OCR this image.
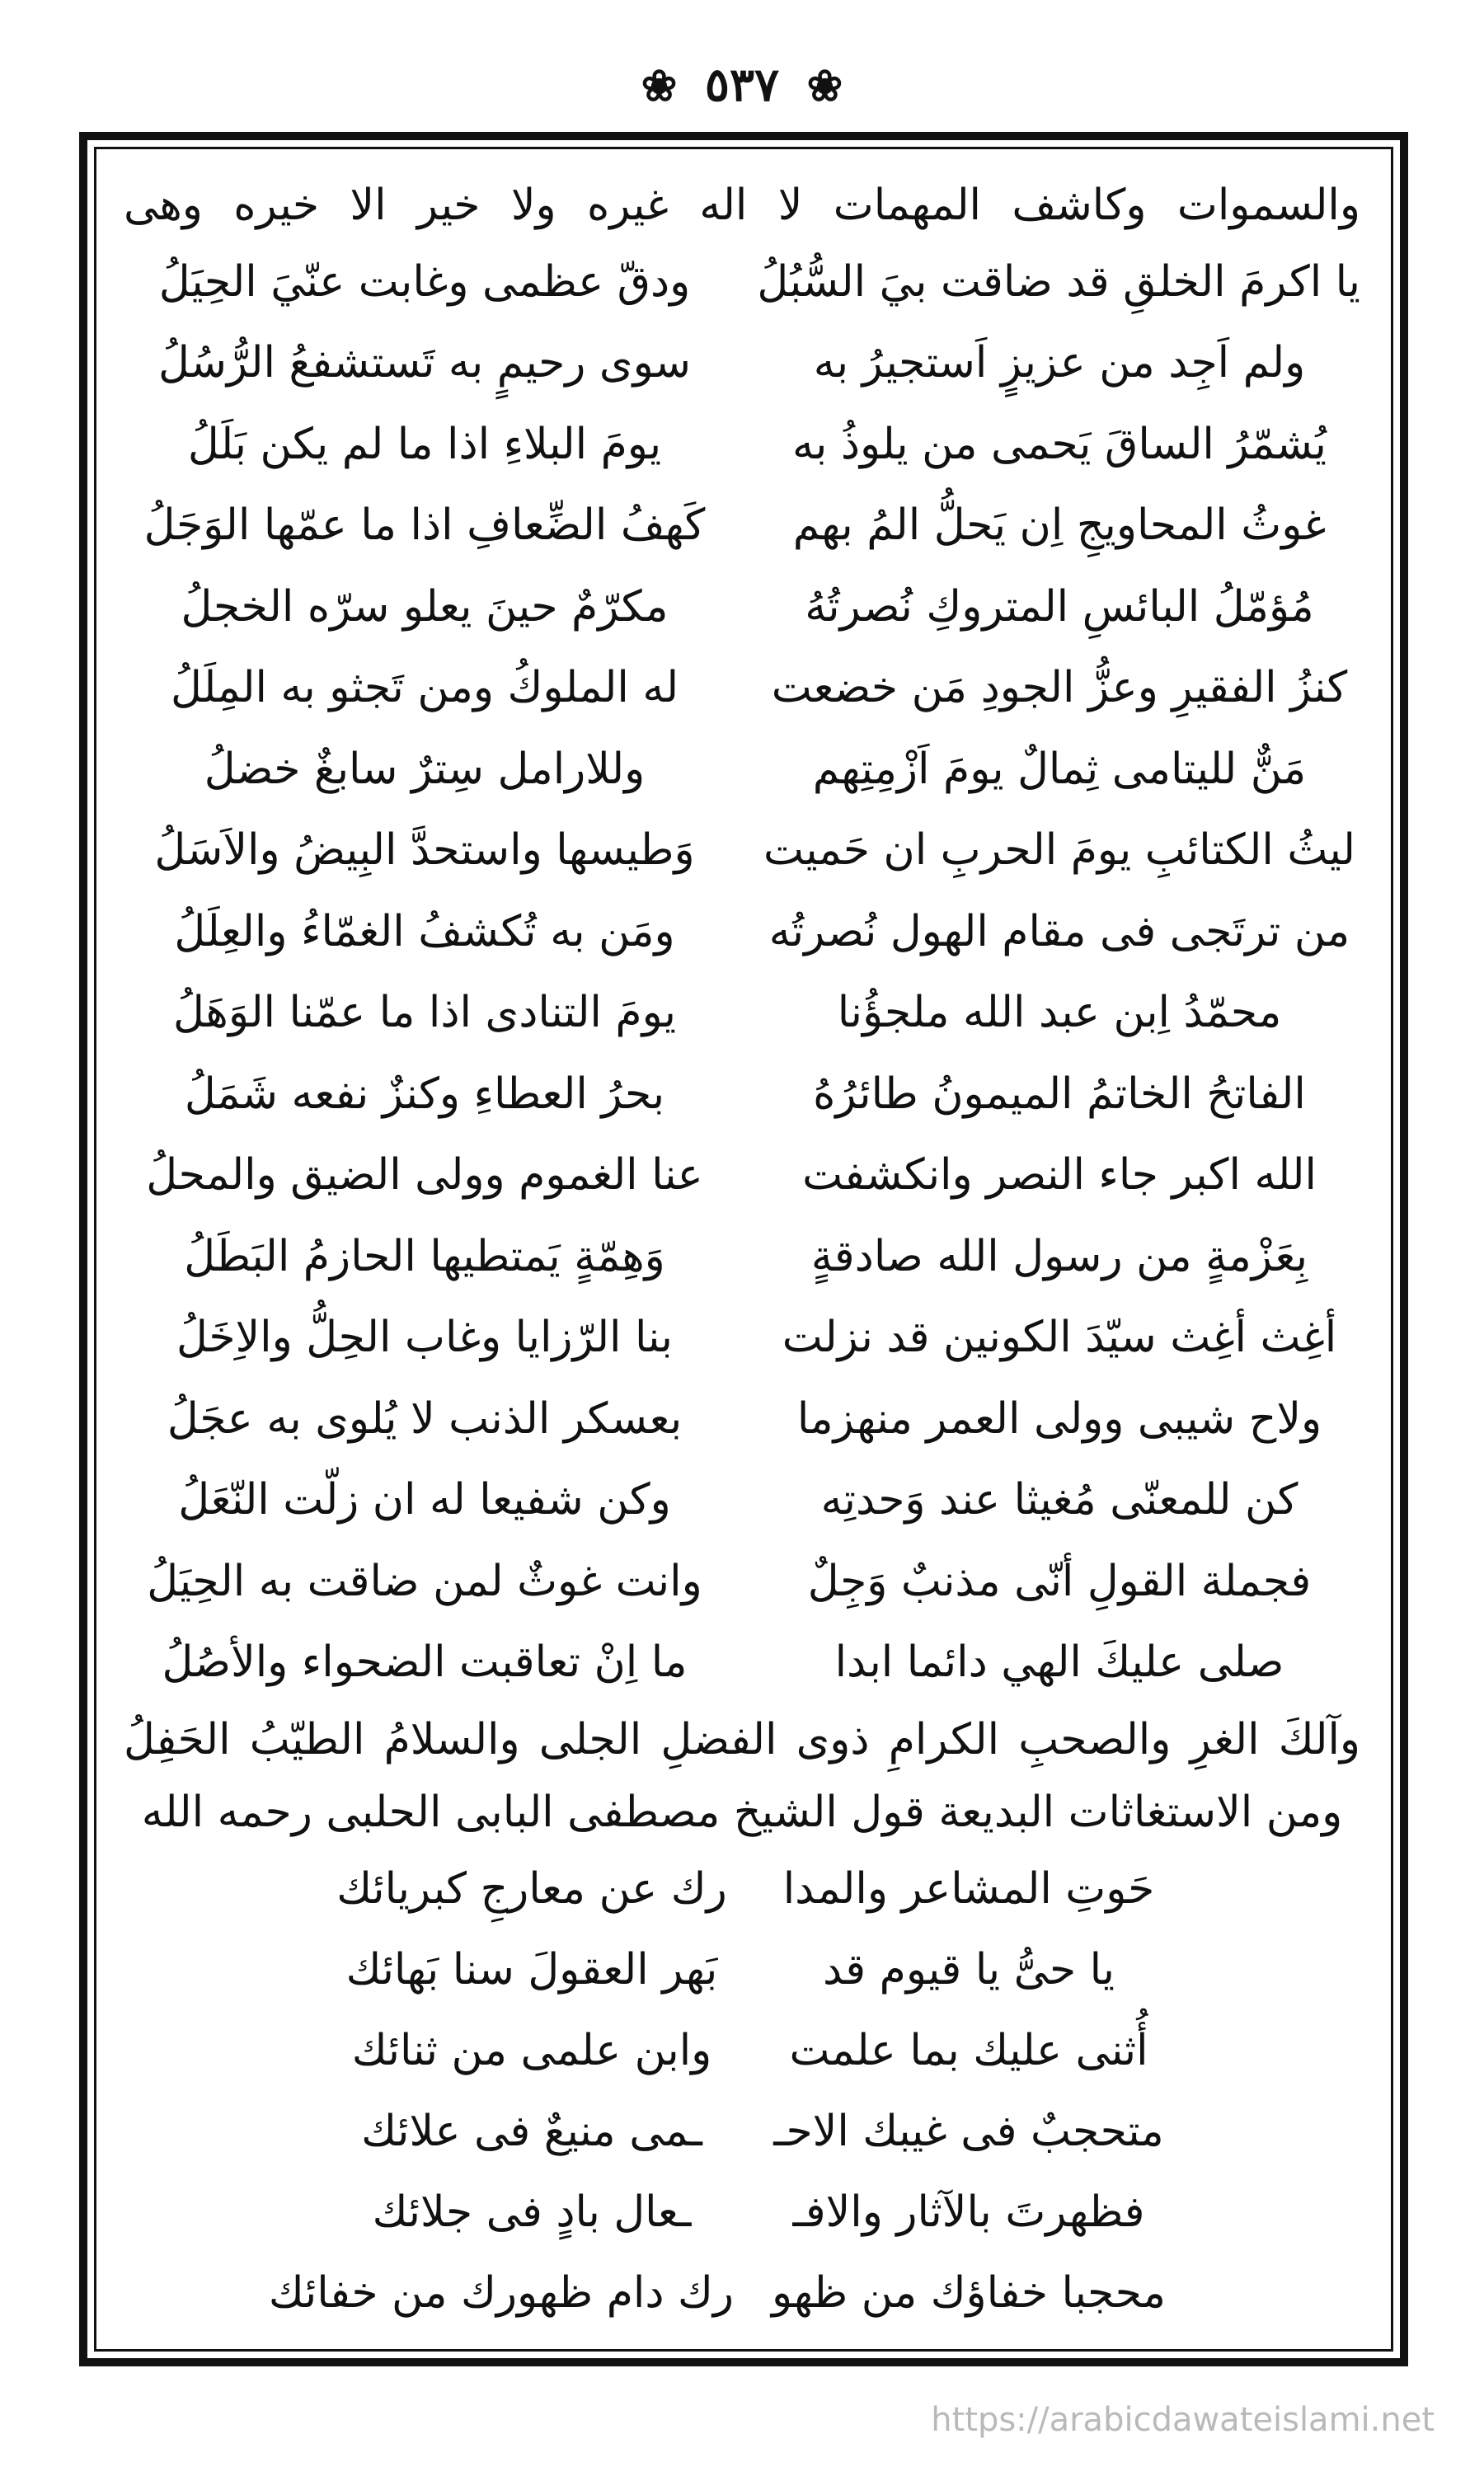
❀ ٥٣٧ ❀

والسموات وكاشف المهمات لا اله غيره ولا خير الا خيره وهى

يا اكرمَ الخلقِ قد ضاقت بيَ السُّبُلُ
ودقّ عظمى وغابت عنّيَ الحِيَلُ
ولم اَجِد من عزيزٍ اَستجيرُ به
سوى رحيمٍ به تَستشفعُ الرُّسُلُ
يُشمّرُ الساقَ يَحمى من يلوذُ به
يومَ البلاءِ اذا ما لم يكن بَلَلُ
غوثُ المحاويجِ اِن يَحلُّ المُ بهم
كَهفُ الضِّعافِ اذا ما عمّها الوَجَلُ
مُؤمّلُ البائسِ المتروكِ نُصرتُهُ
مكرّمٌ حينَ يعلو سرّه الخجلُ
كنزُ الفقيرِ وعزُّ الجودِ مَن خضعت
له الملوكُ ومن تَجثو به المِلَلُ
مَنٌّ لليتامى ثِمالٌ يومَ اَزْمِتِهم
وللارامل سِترٌ سابغٌ خضلُ
ليثُ الكتائبِ يومَ الحربِ ان حَميت
وَطيسها واستحدَّ البِيضُ والاَسَلُ
من ترتَجى فى مقام الهول نُصرتُه
ومَن به تُكشفُ الغمّاءُ والعِلَلُ
محمّدُ اِبن عبد الله ملجؤُنا
يومَ التنادى اذا ما عمّنا الوَهَلُ
الفاتحُ الخاتمُ الميمونُ طائرُهُ
بحرُ العطاءِ وكنزٌ نفعه شَمَلُ
الله اكبر جاء النصر وانكشفت
عنا الغموم وولى الضيق والمحلُ
بِعَزْمةٍ من رسول الله صادقةٍ
وَهِمّةٍ يَمتطيها الحازمُ البَطَلُ
أغِث أغِث سيّدَ الكونين قد نزلت
بنا الرّزايا وغاب الحِلُّ والاِخَلُ
ولاح شيبى وولى العمر منهزما
بعسكر الذنب لا يُلوى به عجَلُ
كن للمعنّى مُغيثا عند وَحدتِه
وكن شفيعا له ان زلّت النّعَلُ
فجملة القولِ أنّى مذنبٌ وَجِلٌ
وانت غوثٌ لمن ضاقت به الحِيَلُ
صلى عليكَ الهي دائما ابدا
ما اِنْ تعاقبت الضحواء والأصُلُ

وآلكَ الغرِ والصحبِ الكرامِ ذوى الفضلِ الجلى والسلامُ الطيّبُ الحَفِلُ

ومن الاستغاثات البديعة قول الشيخ مصطفى البابى الحلبى رحمه الله

حَوتِ المشاعر والمدا
رك عن معارجِ كبريائك
يا حىُّ يا قيوم قد
بَهر العقولَ سنا بَهائك
أُثنى عليك بما علمت
وابن علمى من ثنائك
متحجبٌ فى غيبك الاحـ
ـمى منيعٌ فى علائك
فظهرتَ بالآثار والافـ
ـعال بادٍ فى جلائك
محجبا خفاؤك من ظهو
رك دام ظهورك من خفائك
https://arabicdawateislami.net
